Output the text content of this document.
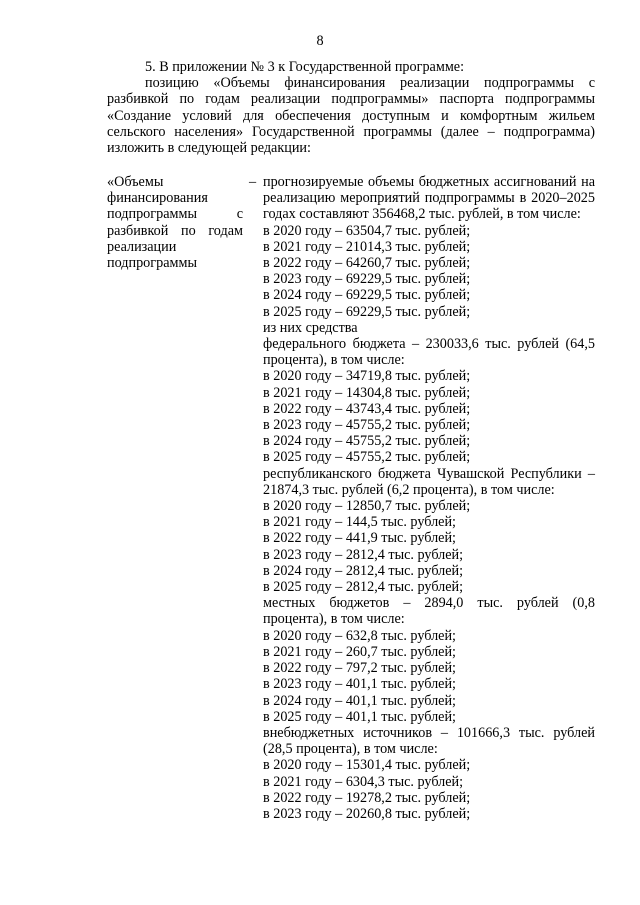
8

5. В приложении № 3 к Государственной программе:

позицию «Объемы финансирования реализации подпрограммы с разбивкой по годам реализации подпрограммы» паспорта подпрограммы «Создание условий для обеспечения доступным и комфортным жильем сельского населения» Государственной программы (далее – подпрограмма) изложить в следующей редакции:

«Объемы финансирования подпрограммы с разбивкой по годам реализации подпрограммы
– прогнозируемые объемы бюджетных ассигнований на реализацию мероприятий подпрограммы в 2020–2025 годах составляют 356468,2 тыс. рублей, в том числе:
в 2020 году – 63504,7 тыс. рублей;
в 2021 году – 21014,3 тыс. рублей;
в 2022 году – 64260,7 тыс. рублей;
в 2023 году – 69229,5 тыс. рублей;
в 2024 году – 69229,5 тыс. рублей;
в 2025 году – 69229,5 тыс. рублей;
из них средства
федерального бюджета – 230033,6 тыс. рублей (64,5 процента), в том числе:
в 2020 году – 34719,8 тыс. рублей;
в 2021 году – 14304,8 тыс. рублей;
в 2022 году – 43743,4 тыс. рублей;
в 2023 году – 45755,2 тыс. рублей;
в 2024 году – 45755,2 тыс. рублей;
в 2025 году – 45755,2 тыс. рублей;
республиканского бюджета Чувашской Республики – 21874,3 тыс. рублей (6,2 процента), в том числе:
в 2020 году – 12850,7 тыс. рублей;
в 2021 году – 144,5 тыс. рублей;
в 2022 году – 441,9 тыс. рублей;
в 2023 году – 2812,4 тыс. рублей;
в 2024 году – 2812,4 тыс. рублей;
в 2025 году – 2812,4 тыс. рублей;
местных бюджетов – 2894,0 тыс. рублей (0,8 процента), в том числе:
в 2020 году – 632,8 тыс. рублей;
в 2021 году – 260,7 тыс. рублей;
в 2022 году – 797,2 тыс. рублей;
в 2023 году – 401,1 тыс. рублей;
в 2024 году – 401,1 тыс. рублей;
в 2025 году – 401,1 тыс. рублей;
внебюджетных источников – 101666,3 тыс. рублей (28,5 процента), в том числе:
в 2020 году – 15301,4 тыс. рублей;
в 2021 году – 6304,3 тыс. рублей;
в 2022 году – 19278,2 тыс. рублей;
в 2023 году – 20260,8 тыс. рублей;
